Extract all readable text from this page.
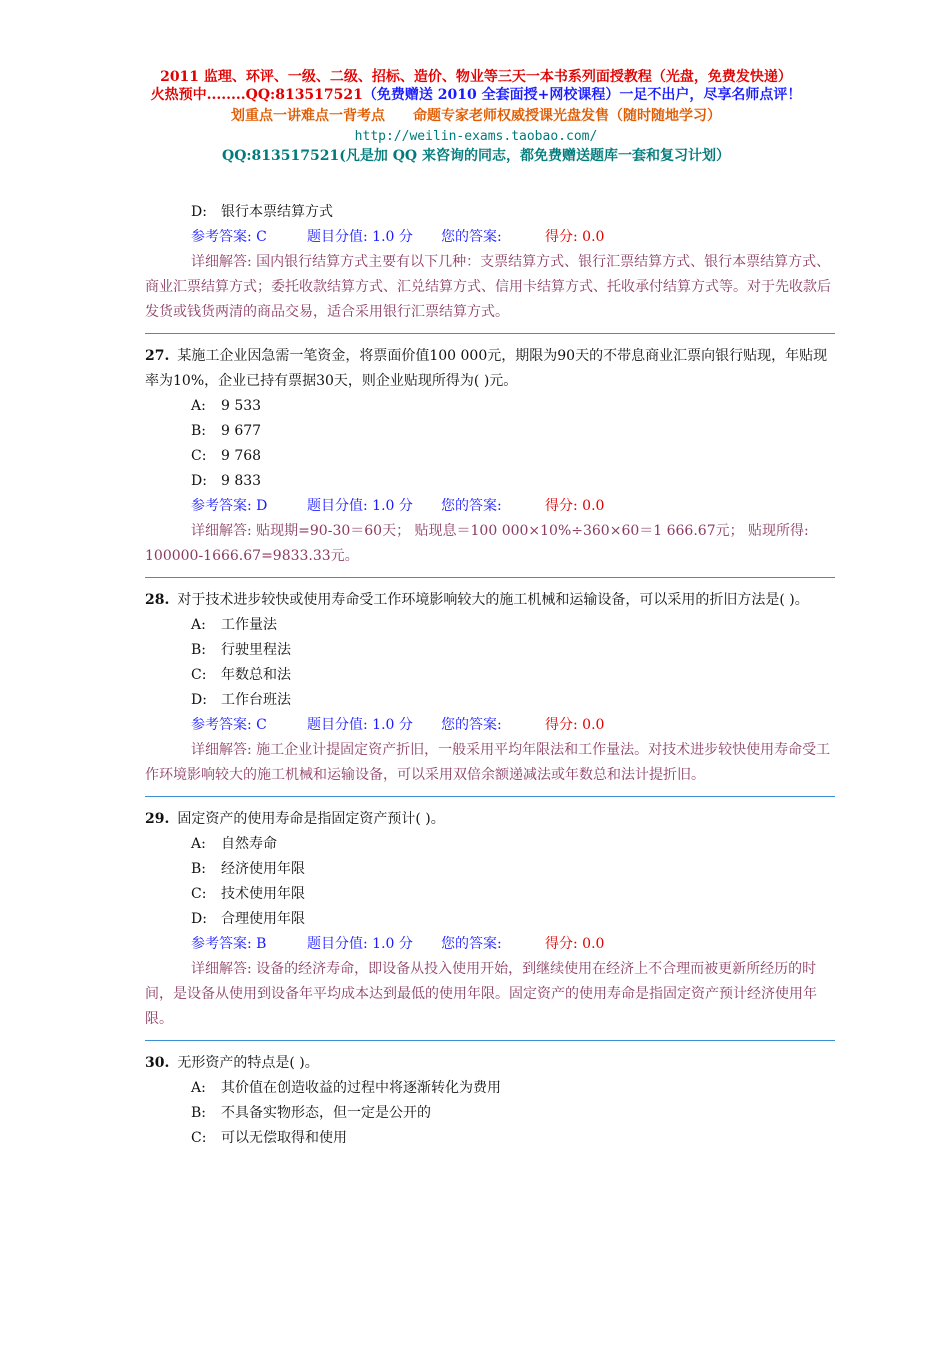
2011 监理、环评、一级、二级、招标、造价、物业等三天一本书系列面授教程（光盘，免费发快递）
火热预中........QQ:813517521（免费赠送 2010 全套面授+网校课程）一足不出户，尽享名师点评！
划重点一讲难点一背考点　　命题专家老师权威授课光盘发售（随时随地学习）
http://weilin-exams.taobao.com/
QQ:813517521(凡是加 QQ 来咨询的同志，都免费赠送题库一套和复习计划）
D: 银行本票结算方式
参考答案: C	题目分值: 1.0 分 您的答案:	得分: 0.0
详细解答: 国内银行结算方式主要有以下几种：支票结算方式、银行汇票结算方式、银行本票结算方式、商业汇票结算方式；委托收款结算方式、汇兑结算方式、信用卡结算方式、托收承付结算方式等。对于先收款后发货或钱货两清的商品交易，适合采用银行汇票结算方式。
27. 某施工企业因急需一笔资金，将票面价值100 000元，期限为90天的不带息商业汇票向银行贴现，年贴现率为10%，企业已持有票据30天，则企业贴现所得为( )元。
A: 9 533
B: 9 677
C: 9 768
D: 9 833
参考答案: D	题目分值: 1.0 分 您的答案:	得分: 0.0
详细解答: 贴现期=90-30＝60天； 贴现息＝100 000×10%÷360×60＝1 666.67元； 贴现所得: 100000-1666.67=9833.33元。
28. 对于技术进步较快或使用寿命受工作环境影响较大的施工机械和运输设备，可以采用的折旧方法是( )。
A: 工作量法
B: 行驶里程法
C: 年数总和法
D: 工作台班法
参考答案: C	题目分值: 1.0 分 您的答案:	得分: 0.0
详细解答: 施工企业计提固定资产折旧，一般采用平均年限法和工作量法。对技术进步较快使用寿命受工作环境影响较大的施工机械和运输设备，可以采用双倍余额递减法或年数总和法计提折旧。
29. 固定资产的使用寿命是指固定资产预计( )。
A: 自然寿命
B: 经济使用年限
C: 技术使用年限
D: 合理使用年限
参考答案: B	题目分值: 1.0 分 您的答案:	得分: 0.0
详细解答: 设备的经济寿命，即设备从投入使用开始，到继续使用在经济上不合理而被更新所经历的时间，是设备从使用到设备年平均成本达到最低的使用年限。固定资产的使用寿命是指固定资产预计经济使用年限。
30. 无形资产的特点是( )。
A: 其价值在创造收益的过程中将逐渐转化为费用
B: 不具备实物形态，但一定是公开的
C: 可以无偿取得和使用
